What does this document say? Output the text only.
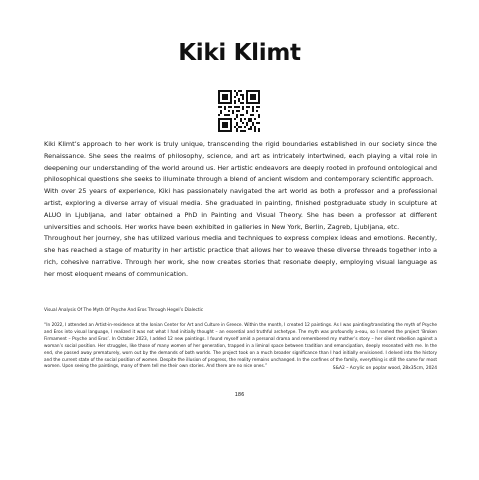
Kiki Klimt

Kiki Klimt’s approach to her work is truly unique, transcending the rigid boundaries established in our society since the Renaissance. She sees the realms of philosophy, science, and art as intricately intertwined, each playing a vital role in deepening our understanding of the world around us. Her artistic endeavors are deeply rooted in profound ontological and philosophical questions she seeks to illuminate through a blend of ancient wisdom and contemporary scientific approach.

With over 25 years of experience, Kiki has passionately navigated the art world as both a professor and a professional artist, exploring a diverse array of visual media. She graduated in painting, finished postgraduate study in sculpture at ALUO in Ljubljana, and later obtained a PhD in Painting and Visual Theory. She has been a professor at different universities and schools. Her works have been exhibited in galleries in New York, Berlin, Zagreb, Ljubljana, etc.

Throughout her journey, she has utilized various media and techniques to express complex ideas and emotions. Recently, she has reached a stage of maturity in her artistic practice that allows her to weave these diverse threads together into a rich, cohesive narrative. Through her work, she now creates stories that resonate deeply, employing visual language as her most eloquent means of communication.

Visual Analysis Of The Myth Of Psyche And Eros Through Hegel’s Dialectic

“In 2022, I attended an Artist-in-residence at the Ionian Center for Art and Culture in Greece. Within the month, I created 12 paintings. As I was painting/translating the myth of Psyche and Eros into visual language, I realized it was not what I had initially thought – an essential and truthful archetype. The myth was profoundly a-eau, so I named the project ‘Broken Firmament – Psyche and Eros’. In October 2023, I added 12 new paintings. I found myself amid a personal drama and remembered my mother’s story – her silent rebellion against a woman’s social position. Her struggles, like those of many women of her generation, trapped in a liminal space between tradition and emancipation, deeply resonated with me. In the end, she passed away prematurely, worn out by the demands of both worlds. The project took on a much broader significance than I had initially envisioned. I delved into the history and the current state of the social position of women. Despite the illusion of progress, the reality remains unchanged. In the confines of the family, everything is still the same for most women. Upon seeing the paintings, many of them tell me their own stories. And there are no nice ones.”	S&A2 – Acrylic on poplar wood, 28x35cm, 2024
186
